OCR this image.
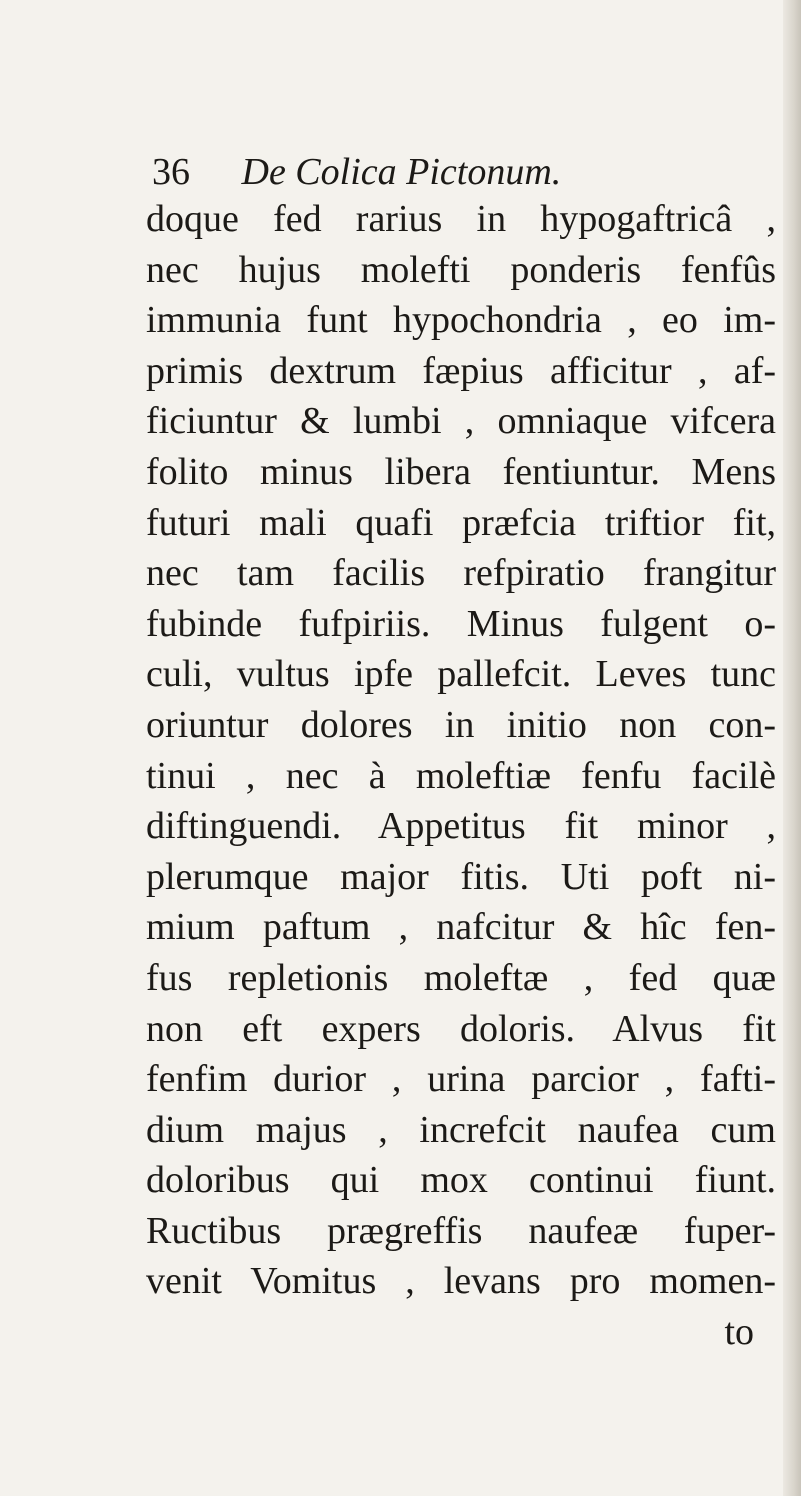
36 De Colica Pictonum.
doque fed rarius in hypogaftricâ ,
nec hujus molefti ponderis fenfûs
immunia funt hypochondria , eo im-
primis dextrum fæpius afficitur , af-
ficiuntur & lumbi , omniaque vifcera
folito minus libera fentiuntur. Mens
futuri mali quafi præfcia triftior fit,
nec tam facilis refpiratio frangitur
fubinde fufpiriis. Minus fulgent o-
culi, vultus ipfe pallefcit. Leves tunc
oriuntur dolores in initio non con-
tinui , nec à moleftiæ fenfu facilè
diftinguendi. Appetitus fit minor ,
plerumque major fitis. Uti poft ni-
mium paftum , nafcitur & hîc fen-
fus repletionis moleftæ , fed quæ
non eft expers doloris. Alvus fit
fenfim durior , urina parcior , fafti-
dium majus , increfcit naufea cum
doloribus qui mox continui fiunt.
Ructibus prægreffis naufeæ fuper-
venit Vomitus , levans pro momen-
to
